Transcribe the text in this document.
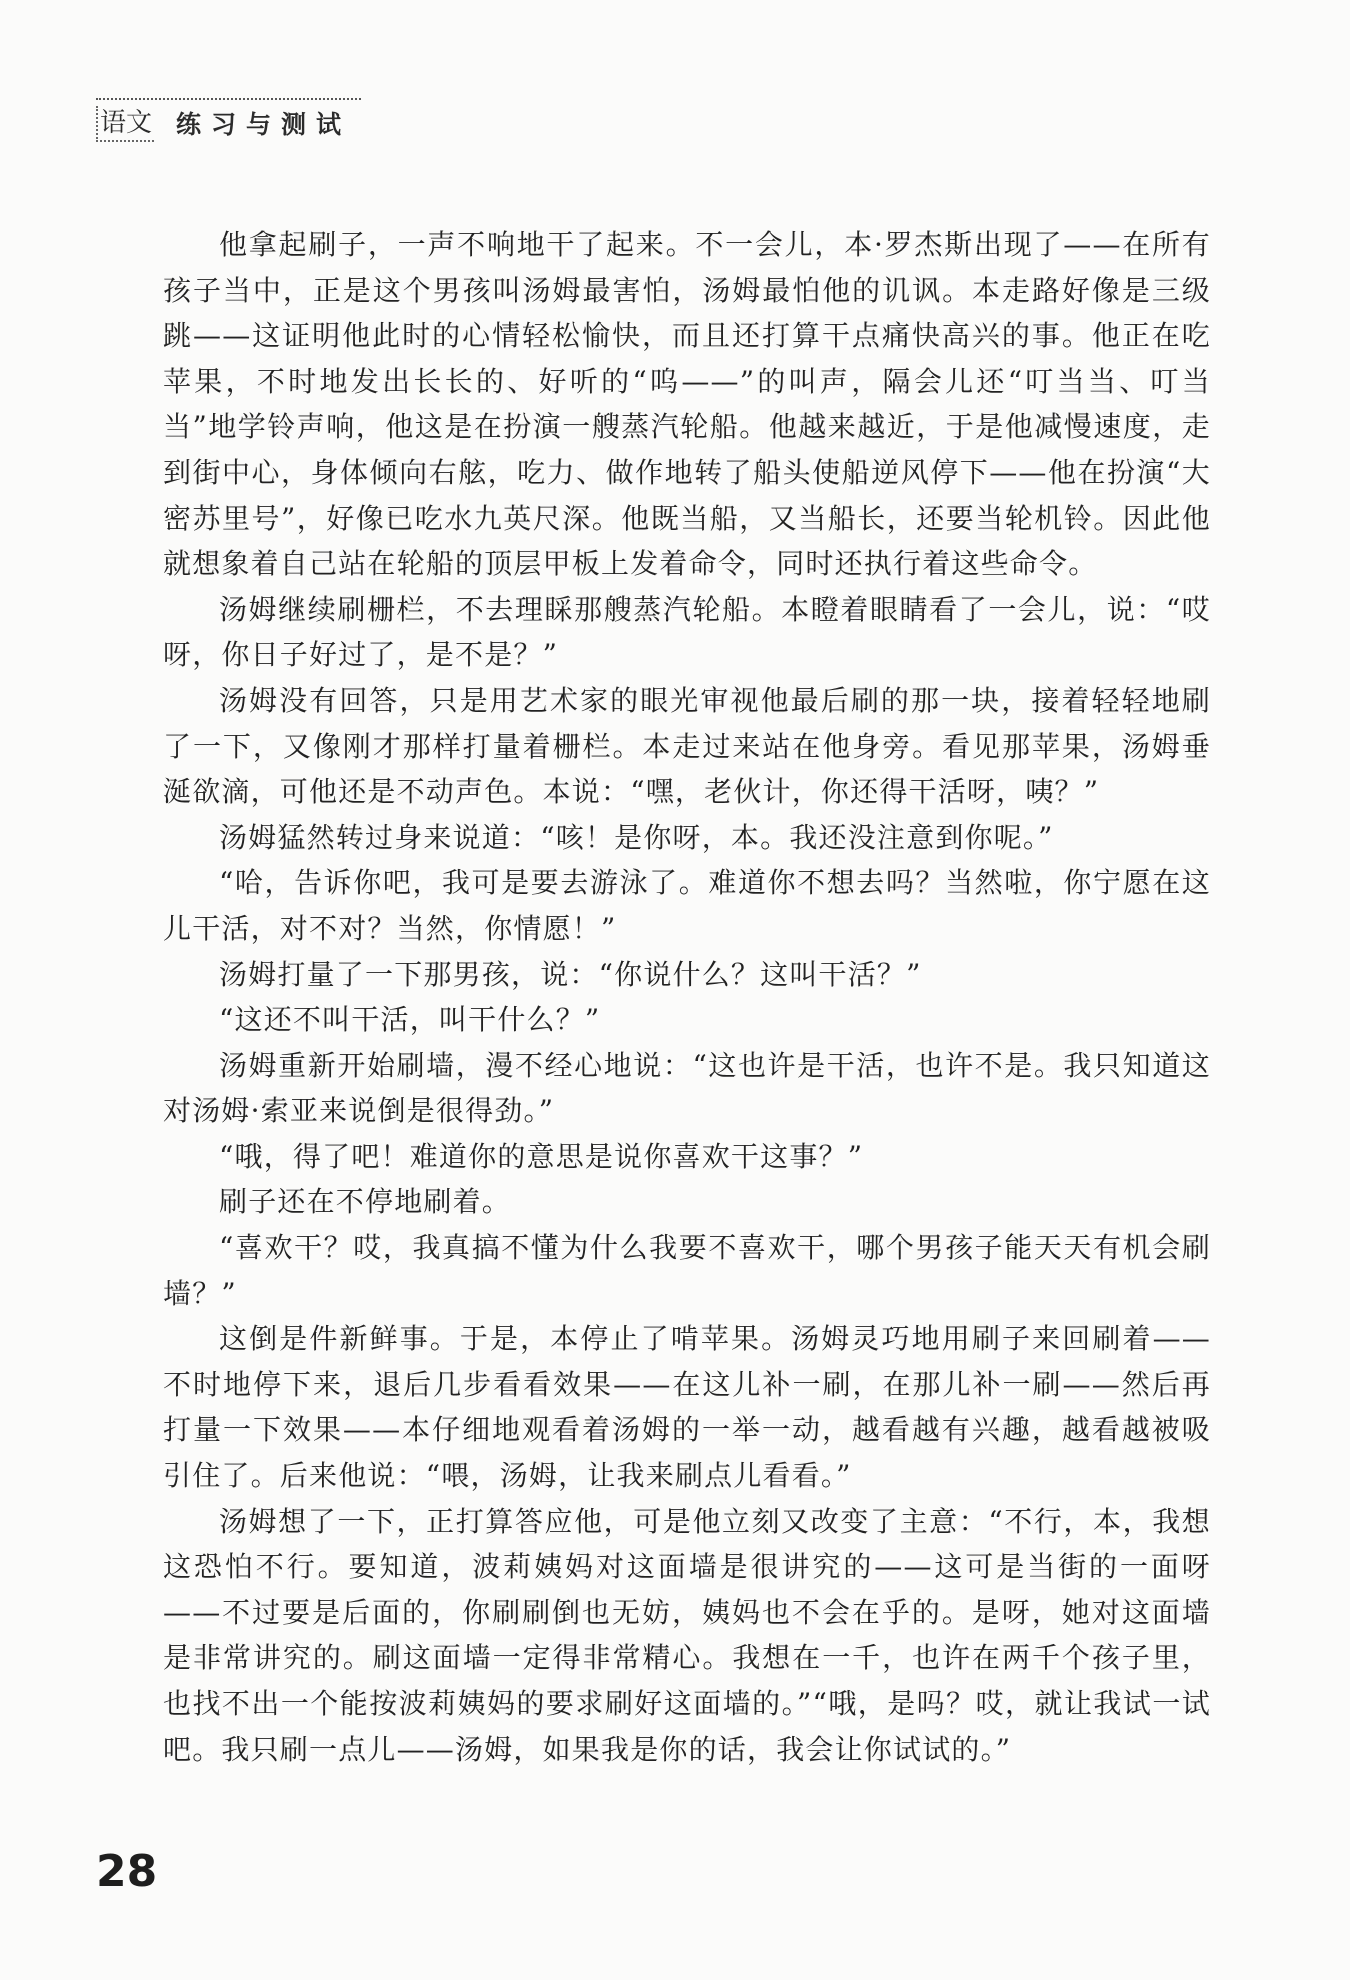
语文 练习与测试

他拿起刷子，一声不响地干了起来。不一会儿，本·罗杰斯出现了——在所有孩子当中，正是这个男孩叫汤姆最害怕，汤姆最怕他的讥讽。本走路好像是三级跳——这证明他此时的心情轻松愉快，而且还打算干点痛快高兴的事。他正在吃苹果，不时地发出长长的、好听的“呜——”的叫声，隔会儿还“叮当当、叮当当”地学铃声响，他这是在扮演一艘蒸汽轮船。他越来越近，于是他减慢速度，走到街中心，身体倾向右舷，吃力、做作地转了船头使船逆风停下——他在扮演“大密苏里号”，好像已吃水九英尺深。他既当船，又当船长，还要当轮机铃。因此他就想象着自己站在轮船的顶层甲板上发着命令，同时还执行着这些命令。

汤姆继续刷栅栏，不去理睬那艘蒸汽轮船。本瞪着眼睛看了一会儿，说：“哎呀，你日子好过了，是不是？”

汤姆没有回答，只是用艺术家的眼光审视他最后刷的那一块，接着轻轻地刷了一下，又像刚才那样打量着栅栏。本走过来站在他身旁。看见那苹果，汤姆垂涎欲滴，可他还是不动声色。本说：“嘿，老伙计，你还得干活呀，咦？”

汤姆猛然转过身来说道：“咳！是你呀，本。我还没注意到你呢。”

“哈，告诉你吧，我可是要去游泳了。难道你不想去吗？当然啦，你宁愿在这儿干活，对不对？当然，你情愿！”

汤姆打量了一下那男孩，说：“你说什么？这叫干活？”

“这还不叫干活，叫干什么？”

汤姆重新开始刷墙，漫不经心地说：“这也许是干活，也许不是。我只知道这对汤姆·索亚来说倒是很得劲。”

“哦，得了吧！难道你的意思是说你喜欢干这事？”

刷子还在不停地刷着。

“喜欢干？哎，我真搞不懂为什么我要不喜欢干，哪个男孩子能天天有机会刷墙？”

这倒是件新鲜事。于是，本停止了啃苹果。汤姆灵巧地用刷子来回刷着——不时地停下来，退后几步看看效果——在这儿补一刷，在那儿补一刷——然后再打量一下效果——本仔细地观看着汤姆的一举一动，越看越有兴趣，越看越被吸引住了。后来他说：“喂，汤姆，让我来刷点儿看看。”

汤姆想了一下，正打算答应他，可是他立刻又改变了主意：“不行，本，我想这恐怕不行。要知道，波莉姨妈对这面墙是很讲究的——这可是当街的一面呀——不过要是后面的，你刷刷倒也无妨，姨妈也不会在乎的。是呀，她对这面墙是非常讲究的。刷这面墙一定得非常精心。我想在一千，也许在两千个孩子里，也找不出一个能按波莉姨妈的要求刷好这面墙的。”“哦，是吗？哎，就让我试一试吧。我只刷一点儿——汤姆，如果我是你的话，我会让你试试的。”

28
